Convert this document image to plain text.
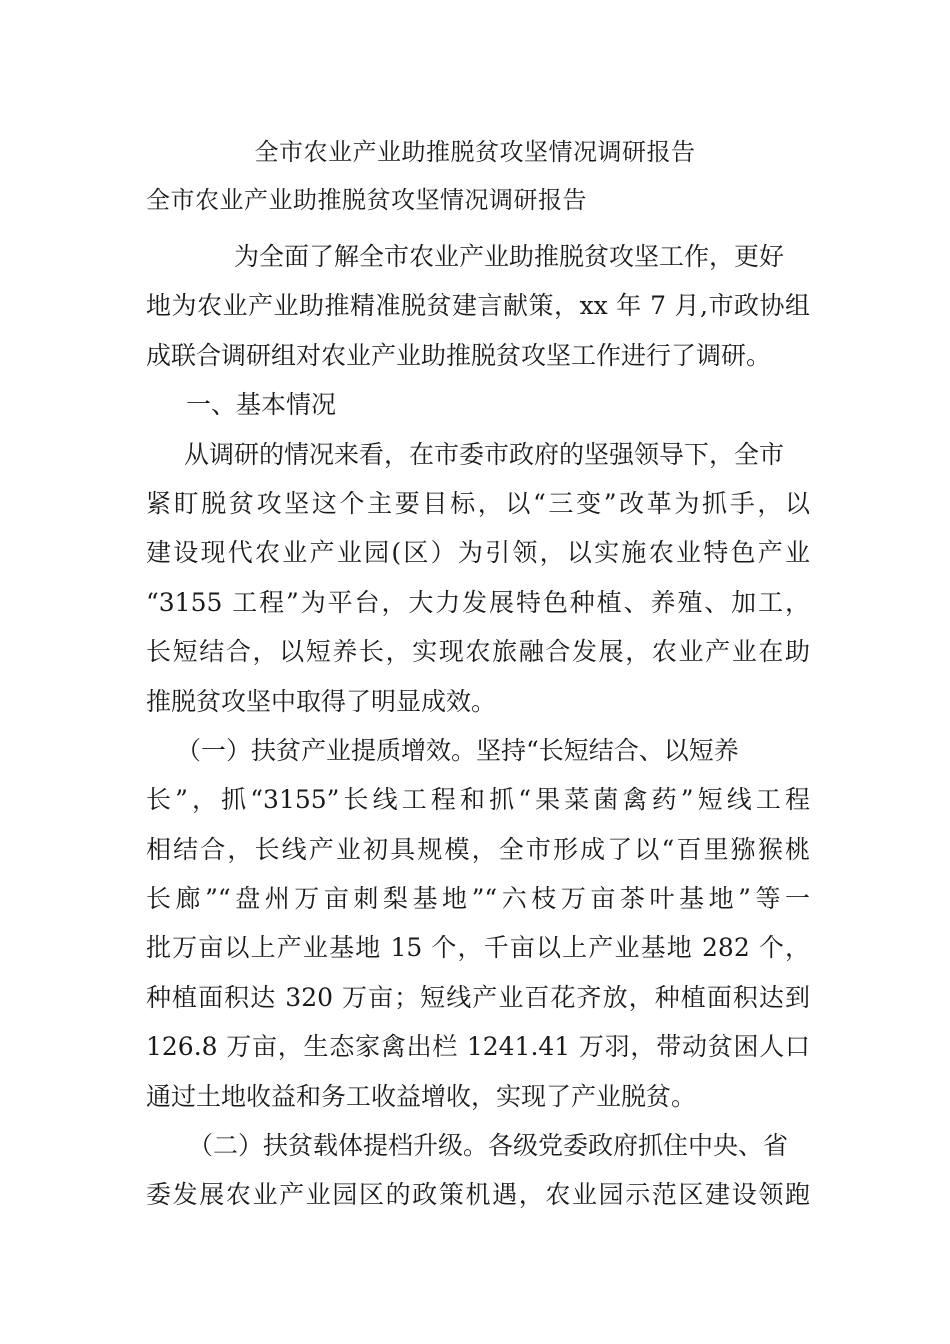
全市农业产业助推脱贫攻坚情况调研报告
全市农业产业助推脱贫攻坚情况调研报告
为全面了解全市农业产业助推脱贫攻坚工作，更好
地为农业产业助推精准脱贫建言献策，xx 年 7 月,市政协组
成联合调研组对农业产业助推脱贫攻坚工作进行了调研。
一、基本情况
从调研的情况来看，在市委市政府的坚强领导下，全市
紧盯脱贫攻坚这个主要目标，以“三变”改革为抓手，以
建设现代农业产业园(区）为引领，以实施农业特色产业
“3155 工程”为平台，大力发展特色种植、养殖、加工，
长短结合，以短养长，实现农旅融合发展，农业产业在助
推脱贫攻坚中取得了明显成效。
（一）扶贫产业提质增效。坚持“长短结合、以短养
长”，抓“3155”长线工程和抓“果菜菌禽药”短线工程
相结合，长线产业初具规模，全市形成了以“百里猕猴桃
长廊”“盘州万亩刺梨基地”“六枝万亩茶叶基地”等一
批万亩以上产业基地 15 个，千亩以上产业基地 282 个，
种植面积达 320 万亩；短线产业百花齐放，种植面积达到
126.8 万亩，生态家禽出栏 1241.41 万羽，带动贫困人口
通过土地收益和务工收益增收，实现了产业脱贫。
（二）扶贫载体提档升级。各级党委政府抓住中央、省
委发展农业产业园区的政策机遇，农业园示范区建设领跑
